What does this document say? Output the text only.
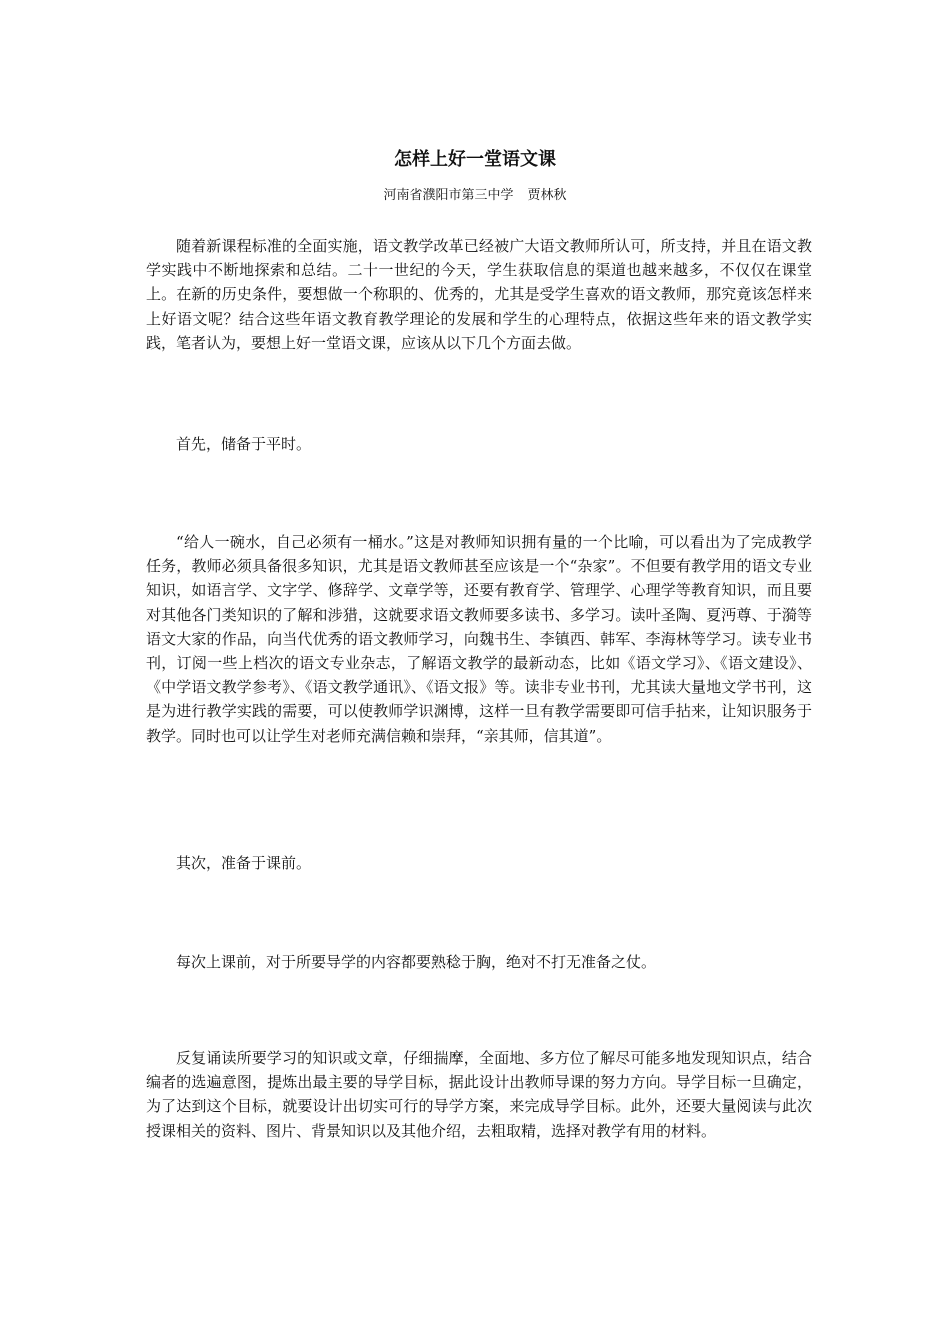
怎样上好一堂语文课
河南省濮阳市第三中学 贾林秋

随着新课程标准的全面实施，语文教学改革已经被广大语文教师所认可，所支持，并且在语文教学实践中不断地探索和总结。二十一世纪的今天，学生获取信息的渠道也越来越多，不仅仅在课堂上。在新的历史条件，要想做一个称职的、优秀的，尤其是受学生喜欢的语文教师，那究竟该怎样来上好语文呢？结合这些年语文教育教学理论的发展和学生的心理特点，依据这些年来的语文教学实践，笔者认为，要想上好一堂语文课，应该从以下几个方面去做。

首先，储备于平时。

“给人一碗水，自己必须有一桶水。”这是对教师知识拥有量的一个比喻，可以看出为了完成教学任务，教师必须具备很多知识，尤其是语文教师甚至应该是一个“杂家”。不但要有教学用的语文专业知识，如语言学、文字学、修辞学、文章学等，还要有教育学、管理学、心理学等教育知识，而且要对其他各门类知识的了解和涉猎，这就要求语文教师要多读书、多学习。读叶圣陶、夏沔尊、于漪等语文大家的作品，向当代优秀的语文教师学习，向魏书生、李镇西、韩军、李海林等学习。读专业书刊，订阅一些上档次的语文专业杂志，了解语文教学的最新动态，比如《语文学习》、《语文建设》、《中学语文教学参考》、《语文教学通讯》、《语文报》等。读非专业书刊，尤其读大量地文学书刊，这是为进行教学实践的需要，可以使教师学识渊博，这样一旦有教学需要即可信手拈来，让知识服务于教学。同时也可以让学生对老师充满信赖和崇拜，“亲其师，信其道”。

其次，准备于课前。

每次上课前，对于所要导学的内容都要熟稔于胸，绝对不打无准备之仗。

反复诵读所要学习的知识或文章，仔细揣摩，全面地、多方位了解尽可能多地发现知识点，结合编者的选遍意图，提炼出最主要的导学目标，据此设计出教师导课的努力方向。导学目标一旦确定，为了达到这个目标，就要设计出切实可行的导学方案，来完成导学目标。此外，还要大量阅读与此次授课相关的资料、图片、背景知识以及其他介绍，去粗取精，选择对教学有用的材料。
